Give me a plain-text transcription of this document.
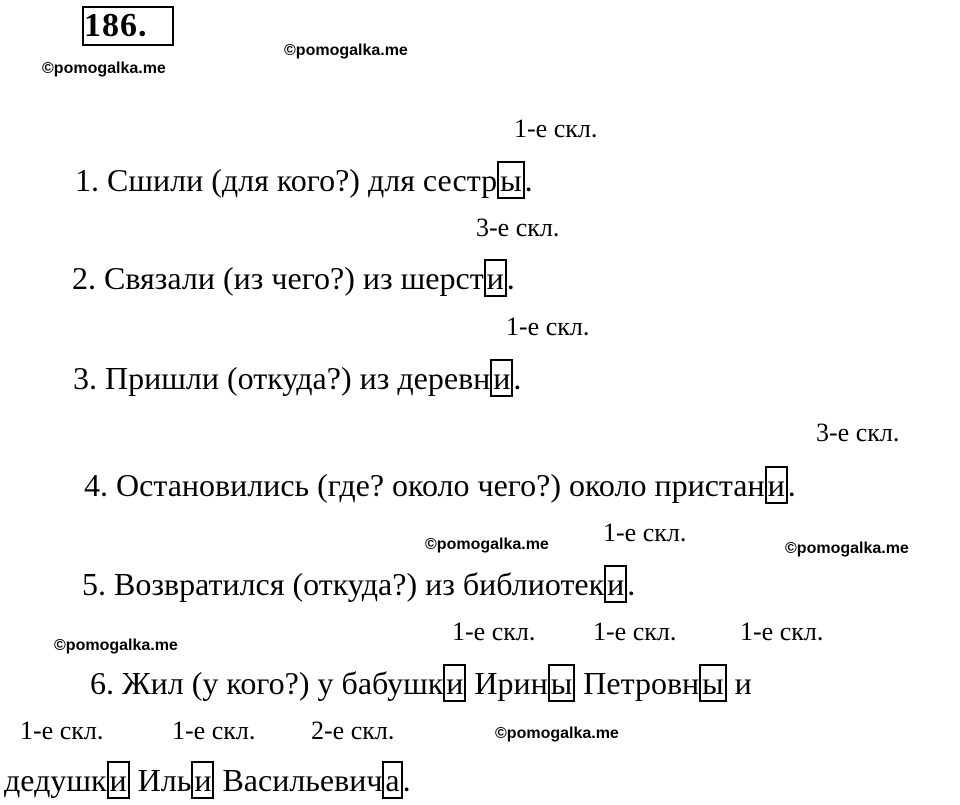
186.
©pomogalka.me
©pomogalka.me
©pomogalka.me	©pomogalka.me
©pomogalka.me
©pomogalka.me
1-е скл.
3-е скл.
1-е скл.
3-е скл.
1-е скл.
1-е скл. 1-е скл. 1-е скл.
1-е скл.	1-е скл. 2-е скл.
1. Сшили (для кого?) для сестры.
2. Связали (из чего?) из шерсти.
3. Пришли (откуда?) из деревни.
4. Остановились (где? около чего?) около пристани.
5. Возвратился (откуда?) из библиотеки.
6. Жил (у кого?) у бабушки Ирины Петровны и
дедушки Ильи Васильевича.
